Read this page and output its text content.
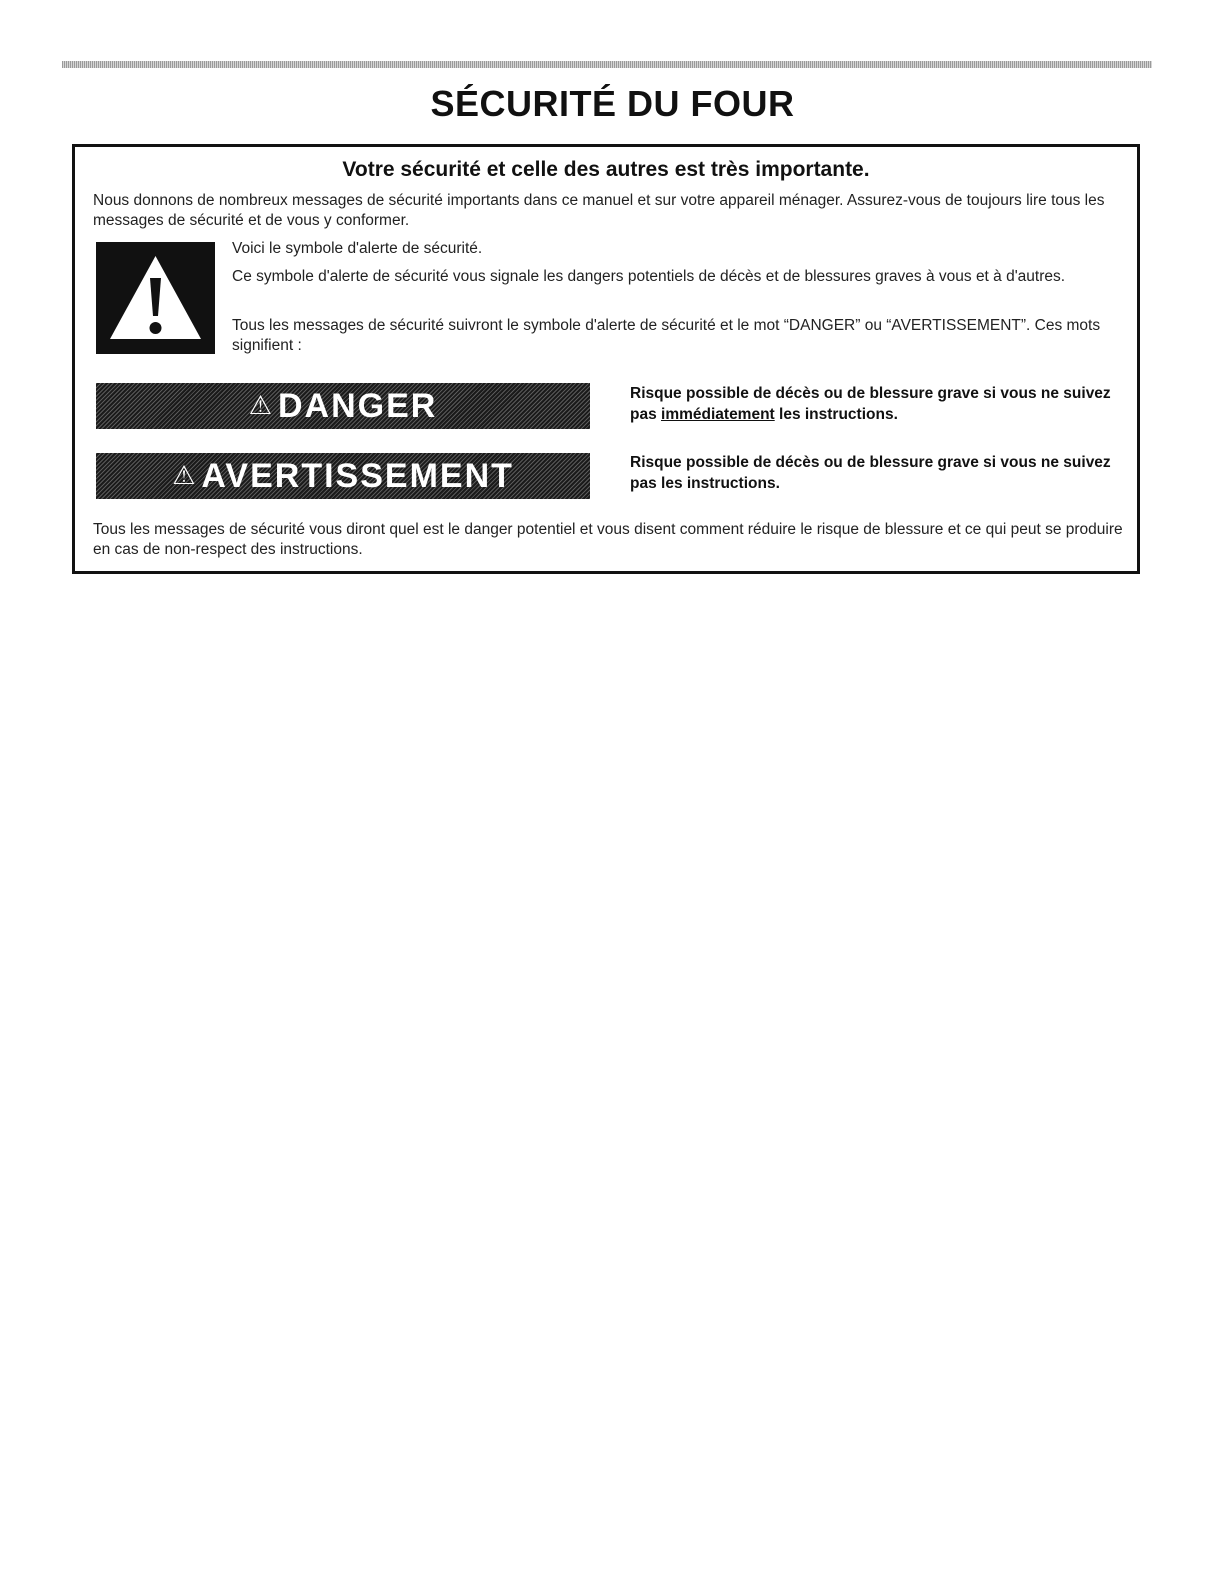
SÉCURITÉ DU FOUR
Votre sécurité et celle des autres est très importante.

Nous donnons de nombreux messages de sécurité importants dans ce manuel et sur votre appareil ménager. Assurez-vous de toujours lire tous les messages de sécurité et de vous y conformer.

Voici le symbole d'alerte de sécurité.

Ce symbole d'alerte de sécurité vous signale les dangers potentiels de décès et de blessures graves à vous et à d'autres.

Tous les messages de sécurité suivront le symbole d'alerte de sécurité et le mot “DANGER” ou “AVERTISSEMENT”. Ces mots signifient :

⚠ DANGER	Risque possible de décès ou de blessure grave si vous ne suivez pas immédiatement les instructions.

⚠ AVERTISSEMENT	Risque possible de décès ou de blessure grave si vous ne suivez pas les instructions.

Tous les messages de sécurité vous diront quel est le danger potentiel et vous disent comment réduire le risque de blessure et ce qui peut se produire en cas de non-respect des instructions.
